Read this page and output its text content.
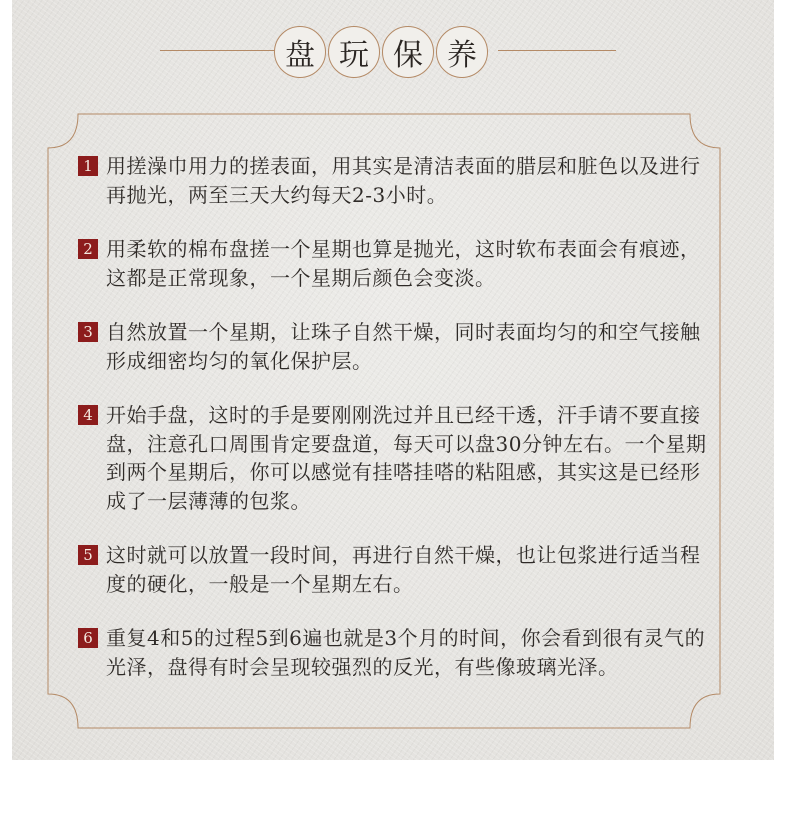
盘 玩 保 养
1 用搓澡巾用力的搓表面，用其实是清洁表面的腊层和脏色以及进行再抛光，两至三天大约每天2-3小时。
2 用柔软的棉布盘搓一个星期也算是抛光，这时软布表面会有痕迹，这都是正常现象，一个星期后颜色会变淡。
3 自然放置一个星期，让珠子自然干燥，同时表面均匀的和空气接触形成细密均匀的氧化保护层。
4 开始手盘，这时的手是要刚刚洗过并且已经干透，汗手请不要直接盘，注意孔口周围肯定要盘道，每天可以盘30分钟左右。一个星期到两个星期后，你可以感觉有挂嗒挂嗒的粘阻感，其实这是已经形成了一层薄薄的包浆。
5 这时就可以放置一段时间，再进行自然干燥，也让包浆进行适当程度的硬化，一般是一个星期左右。
6 重复4和5的过程5到6遍也就是3个月的时间，你会看到很有灵气的光泽，盘得有时会呈现较强烈的反光，有些像玻璃光泽。
